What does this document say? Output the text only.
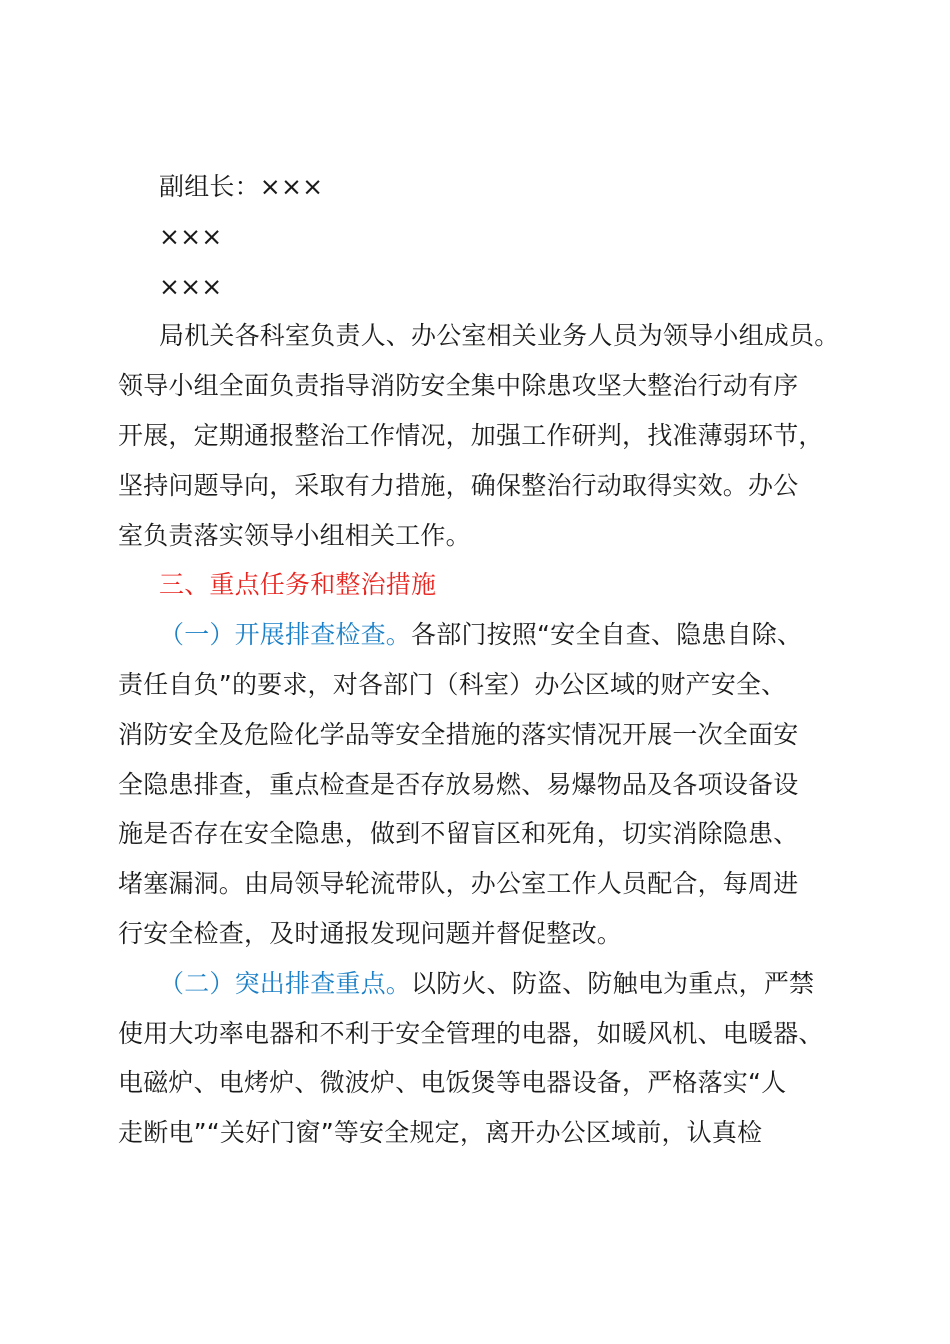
副组长：×××
×××
×××
局机关各科室负责人、办公室相关业务人员为领导小组成员。
领导小组全面负责指导消防安全集中除患攻坚大整治行动有序
开展，定期通报整治工作情况，加强工作研判，找准薄弱环节，
坚持问题导向，采取有力措施，确保整治行动取得实效。办公
室负责落实领导小组相关工作。
三、重点任务和整治措施
（一）开展排查检查。各部门按照“安全自查、隐患自除、
责任自负”的要求，对各部门（科室）办公区域的财产安全、
消防安全及危险化学品等安全措施的落实情况开展一次全面安
全隐患排查，重点检查是否存放易燃、易爆物品及各项设备设
施是否存在安全隐患，做到不留盲区和死角，切实消除隐患、
堵塞漏洞。由局领导轮流带队，办公室工作人员配合，每周进
行安全检查，及时通报发现问题并督促整改。
（二）突出排查重点。以防火、防盗、防触电为重点，严禁
使用大功率电器和不利于安全管理的电器，如暖风机、电暖器、
电磁炉、电烤炉、微波炉、电饭煲等电器设备，严格落实“人
走断电”“关好门窗”等安全规定，离开办公区域前，认真检
